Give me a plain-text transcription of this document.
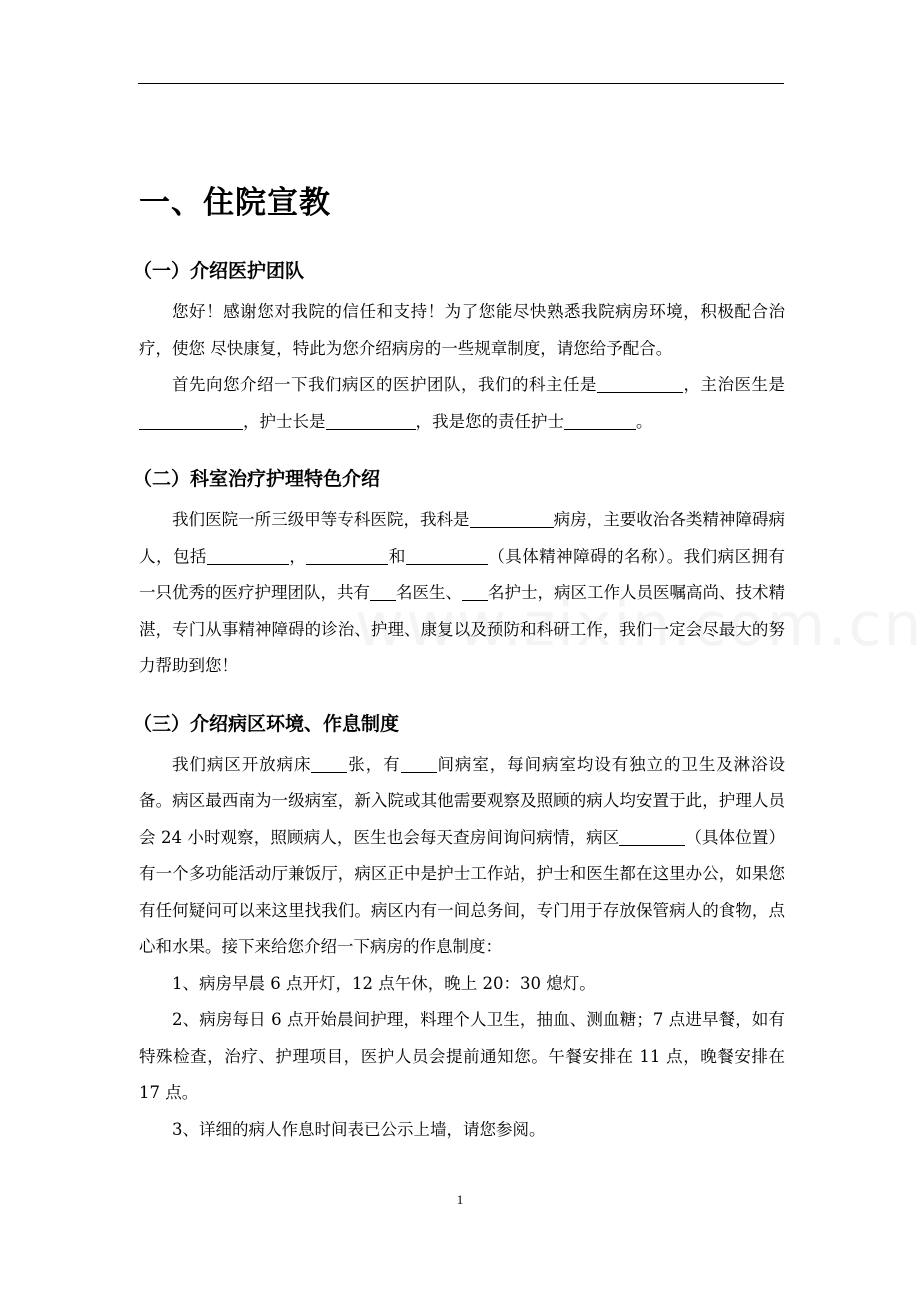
一、住院宣教
（一）介绍医护团队

您好！感谢您对我院的信任和支持！为了您能尽快熟悉我院病房环境，积极配合治疗，使您 尽快康复，特此为您介绍病房的一些规章制度，请您给予配合。

首先向您介绍一下我们病区的医护团队，我们的科主任是	，主治医生是，护士长是	，我是您的责任护士	。

（二）科室治疗护理特色介绍

我们医院一所三级甲等专科医院，我科是	病房，主要收治各类精神障碍病人，包括	，	和	（具体精神障碍的名称）。我们病区拥有一只优秀的医疗护理团队，共有 名医生、 名护士，病区工作人员医嘱高尚、技术精湛，专门从事精神障碍的诊治、护理、康复以及预防和科研工作，我们一定会尽最大的努力帮助到您！

（三）介绍病区环境、作息制度

我们病区开放病床 张，有 间病室，每间病室均设有独立的卫生及淋浴设备。病区最西南为一级病室，新入院或其他需要观察及照顾的病人均安置于此，护理人员会 24 小时观察，照顾病人，医生也会每天查房间询问病情，病区	（具体位置）有一个多功能活动厅兼饭厅，病区正中是护士工作站，护士和医生都在这里办公，如果您有任何疑问可以来这里找我们。病区内有一间总务间，专门用于存放保管病人的食物，点心和水果。接下来给您介绍一下病房的作息制度：

1、病房早晨 6 点开灯，12 点午休，晚上 20：30 熄灯。

2、病房每日 6 点开始晨间护理，料理个人卫生，抽血、测血糖；7 点进早餐，如有特殊检查，治疗、护理项目，医护人员会提前通知您。午餐安排在 11 点，晚餐安排在 17 点。

3、详细的病人作息时间表已公示上墙，请您参阅。

1
